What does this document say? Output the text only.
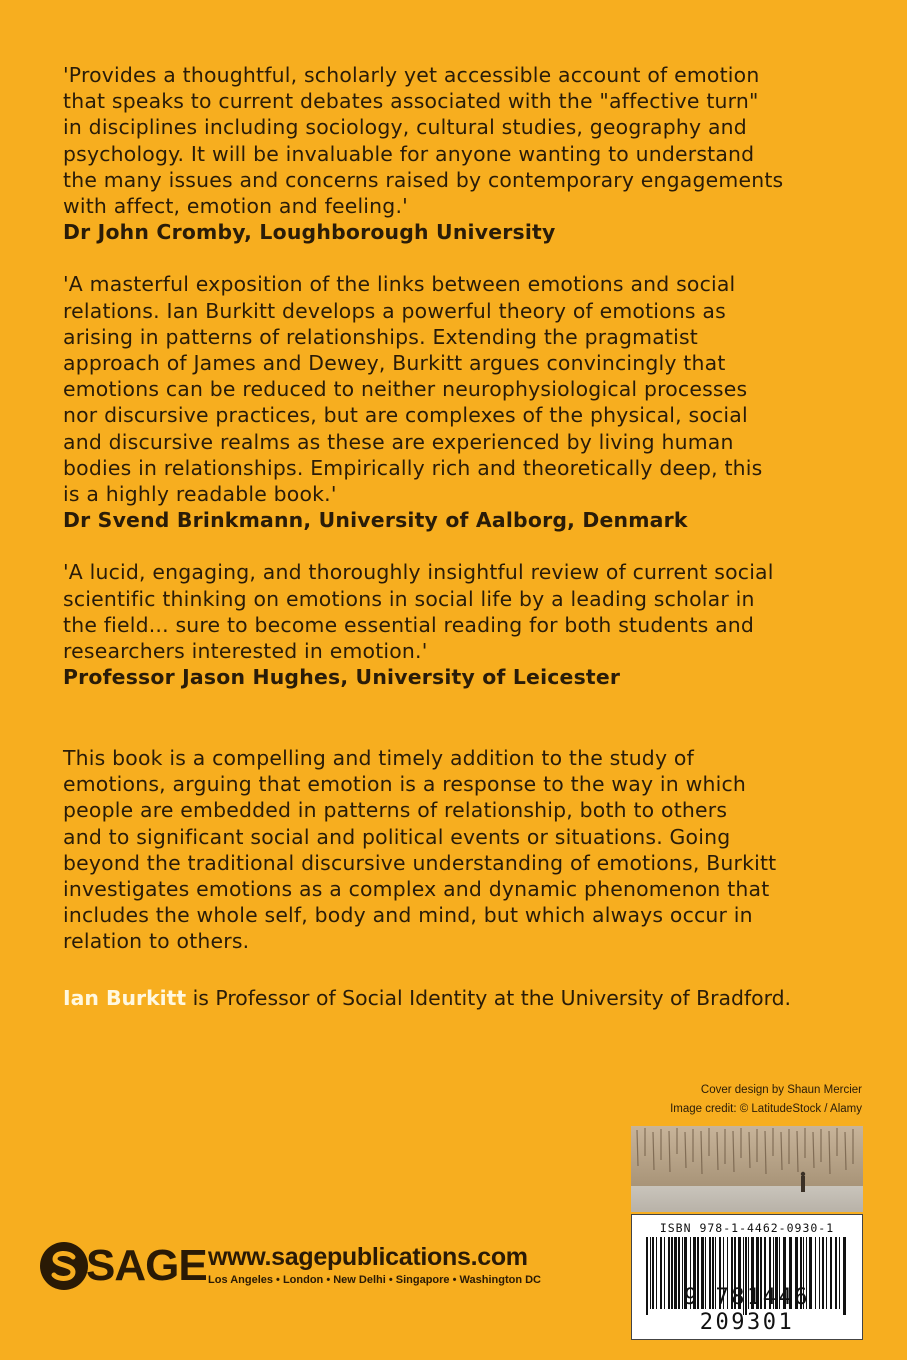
'Provides a thoughtful, scholarly yet accessible account of emotion
that speaks to current debates associated with the "affective turn"
in disciplines including sociology, cultural studies, geography and
psychology. It will be invaluable for anyone wanting to understand
the many issues and concerns raised by contemporary engagements
with affect, emotion and feeling.'

Dr John Cromby, Loughborough University

'A masterful exposition of the links between emotions and social
relations. Ian Burkitt develops a powerful theory of emotions as
arising in patterns of relationships. Extending the pragmatist
approach of James and Dewey, Burkitt argues convincingly that
emotions can be reduced to neither neurophysiological processes
nor discursive practices, but are complexes of the physical, social
and discursive realms as these are experienced by living human
bodies in relationships. Empirically rich and theoretically deep, this
is a highly readable book.'

Dr Svend Brinkmann, University of Aalborg, Denmark

'A lucid, engaging, and thoroughly insightful review of current social
scientific thinking on emotions in social life by a leading scholar in
the field... sure to become essential reading for both students and
researchers interested in emotion.'

Professor Jason Hughes, University of Leicester

This book is a compelling and timely addition to the study of
emotions, arguing that emotion is a response to the way in which
people are embedded in patterns of relationship, both to others
and to significant social and political events or situations. Going
beyond the traditional discursive understanding of emotions, Burkitt
investigates emotions as a complex and dynamic phenomenon that
includes the whole self, body and mind, but which always occur in
relation to others.

Ian Burkitt is Professor of Social Identity at the University of Bradford.

Cover design by Shaun Mercier
Image credit: © LatitudeStock / Alamy
ISBN 978-1-4462-0930-1
9 781446 209301
SAGE www.sagepublications.com
Los Angeles • London • New Delhi • Singapore • Washington DC
